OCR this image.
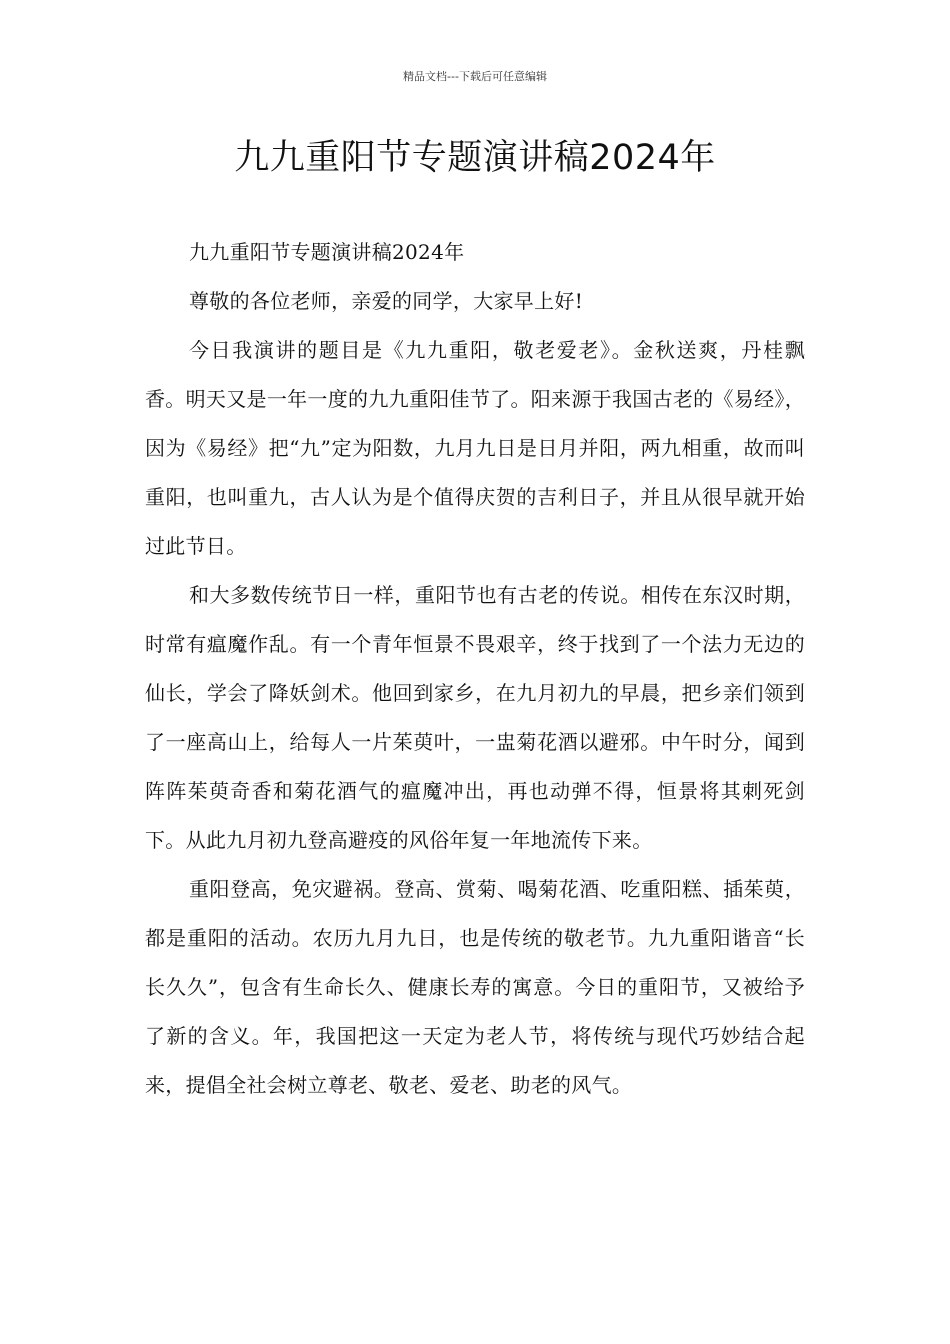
精品文档---下载后可任意编辑
九九重阳节专题演讲稿2024年

九九重阳节专题演讲稿2024年

尊敬的各位老师，亲爱的同学，大家早上好!

今日我演讲的题目是《九九重阳，敬老爱老》。金秋送爽，丹桂飘香。明天又是一年一度的九九重阳佳节了。阳来源于我国古老的《易经》，因为《易经》把“九”定为阳数，九月九日是日月并阳，两九相重，故而叫重阳，也叫重九，古人认为是个值得庆贺的吉利日子，并且从很早就开始过此节日。

和大多数传统节日一样，重阳节也有古老的传说。相传在东汉时期，时常有瘟魔作乱。有一个青年恒景不畏艰辛，终于找到了一个法力无边的仙长，学会了降妖剑术。他回到家乡，在九月初九的早晨，把乡亲们领到了一座高山上，给每人一片茱萸叶，一盅菊花酒以避邪。中午时分，闻到阵阵茱萸奇香和菊花酒气的瘟魔冲出，再也动弹不得，恒景将其刺死剑下。从此九月初九登高避疫的风俗年复一年地流传下来。

重阳登高，免灾避祸。登高、赏菊、喝菊花酒、吃重阳糕、插茱萸，都是重阳的活动。农历九月九日，也是传统的敬老节。九九重阳谐音“长长久久”，包含有生命长久、健康长寿的寓意。今日的重阳节，又被给予了新的含义。年，我国把这一天定为老人节，将传统与现代巧妙结合起来，提倡全社会树立尊老、敬老、爱老、助老的风气。
